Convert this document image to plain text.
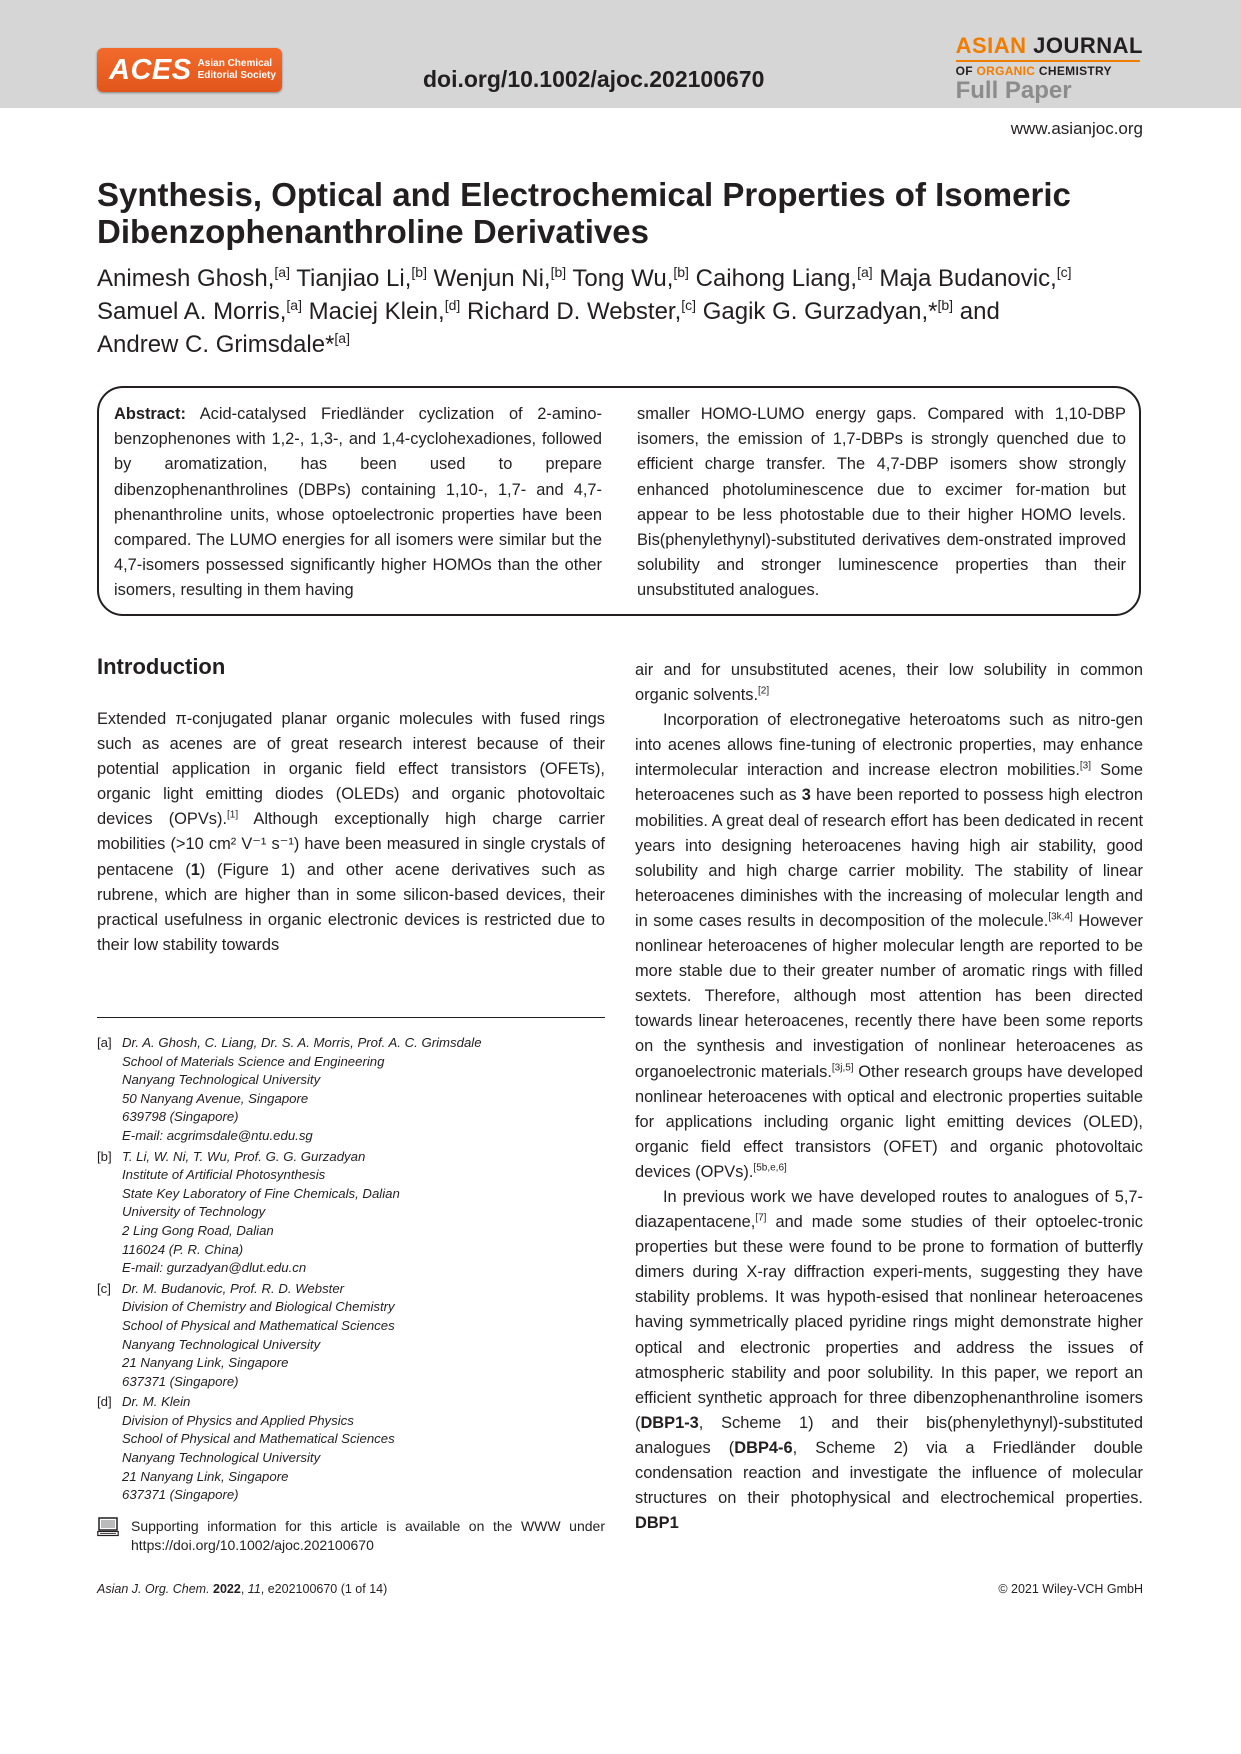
ACES Asian Chemical
Editorial Society	doi.org/10.1002/ajoc.202100670
ASIAN JOURNAL
OF ORGANIC CHEMISTRY
Full Paper
www.asianjoc.org
Synthesis, Optical and Electrochemical Properties of Isomeric
Dibenzophenanthroline Derivatives
Animesh Ghosh,[a] Tianjiao Li,[b] Wenjun Ni,[b] Tong Wu,[b] Caihong Liang,[a] Maja Budanovic,[c]
Samuel A. Morris,[a] Maciej Klein,[d] Richard D. Webster,[c] Gagik G. Gurzadyan,*[b] and
Andrew C. Grimsdale*[a]
Abstract: Acid-catalysed Friedländer cyclization of 2-amino-benzophenones with 1,2-, 1,3-, and 1,4-cyclohexadiones, followed by aromatization, has been used to prepare dibenzophenanthrolines (DBPs) containing 1,10-, 1,7- and 4,7-phenanthroline units, whose optoelectronic properties have been compared. The LUMO energies for all isomers were similar but the 4,7-isomers possessed significantly higher HOMOs than the other isomers, resulting in them having
smaller HOMO-LUMO energy gaps. Compared with 1,10-DBP isomers, the emission of 1,7-DBPs is strongly quenched due to efficient charge transfer. The 4,7-DBP isomers show strongly enhanced photoluminescence due to excimer for-mation but appear to be less photostable due to their higher HOMO levels. Bis(phenylethynyl)-substituted derivatives dem-onstrated improved solubility and stronger luminescence properties than their unsubstituted analogues.
Introduction

Extended π-conjugated planar organic molecules with fused rings such as acenes are of great research interest because of their potential application in organic field effect transistors (OFETs), organic light emitting diodes (OLEDs) and organic photovoltaic devices (OPVs).[1] Although exceptionally high charge carrier mobilities (>10 cm² V⁻¹ s⁻¹) have been measured in single crystals of pentacene (1) (Figure 1) and other acene derivatives such as rubrene, which are higher than in some silicon-based devices, their practical usefulness in organic electronic devices is restricted due to their low stability towards

air and for unsubstituted acenes, their low solubility in common organic solvents.[2]

Incorporation of electronegative heteroatoms such as nitro-gen into acenes allows fine-tuning of electronic properties, may enhance intermolecular interaction and increase electron mobilities.[3] Some heteroacenes such as 3 have been reported to possess high electron mobilities. A great deal of research effort has been dedicated in recent years into designing heteroacenes having high air stability, good solubility and high charge carrier mobility. The stability of linear heteroacenes diminishes with the increasing of molecular length and in some cases results in decomposition of the molecule.[3k,4] However nonlinear heteroacenes of higher molecular length are reported to be more stable due to their greater number of aromatic rings with filled sextets. Therefore, although most attention has been directed towards linear heteroacenes, recently there have been some reports on the synthesis and investigation of nonlinear heteroacenes as organoelectronic materials.[3j,5] Other research groups have developed nonlinear heteroacenes with optical and electronic properties suitable for applications including organic light emitting devices (OLED), organic field effect transistors (OFET) and organic photovoltaic devices (OPVs).[5b,e,6]

In previous work we have developed routes to analogues of 5,7-diazapentacene,[7] and made some studies of their optoelec-tronic properties but these were found to be prone to formation of butterfly dimers during X-ray diffraction experi-ments, suggesting they have stability problems. It was hypoth-esised that nonlinear heteroacenes having symmetrically placed pyridine rings might demonstrate higher optical and electronic properties and address the issues of atmospheric stability and poor solubility. In this paper, we report an efficient synthetic approach for three dibenzophenanthroline isomers (DBP1-3, Scheme 1) and their bis(phenylethynyl)-substituted analogues (DBP4-6, Scheme 2) via a Friedländer double condensation reaction and investigate the influence of molecular structures on their photophysical and electrochemical properties. DBP1

[a] Dr. A. Ghosh, C. Liang, Dr. S. A. Morris, Prof. A. C. Grimsdale
School of Materials Science and Engineering
Nanyang Technological University
50 Nanyang Avenue, Singapore
639798 (Singapore)
E-mail: acgrimsdale@ntu.edu.sg
[b] T. Li, W. Ni, T. Wu, Prof. G. G. Gurzadyan
Institute of Artificial Photosynthesis
State Key Laboratory of Fine Chemicals, Dalian
University of Technology
2 Ling Gong Road, Dalian
116024 (P. R. China)
E-mail: gurzadyan@dlut.edu.cn
[c] Dr. M. Budanovic, Prof. R. D. Webster
Division of Chemistry and Biological Chemistry
School of Physical and Mathematical Sciences
Nanyang Technological University
21 Nanyang Link, Singapore
637371 (Singapore)
[d] Dr. M. Klein
Division of Physics and Applied Physics
School of Physical and Mathematical Sciences
Nanyang Technological University
21 Nanyang Link, Singapore
637371 (Singapore)
Supporting information for this article is available on the WWW under https://doi.org/10.1002/ajoc.202100670
Asian J. Org. Chem. 2022, 11, e202100670 (1 of 14)	© 2021 Wiley-VCH GmbH
